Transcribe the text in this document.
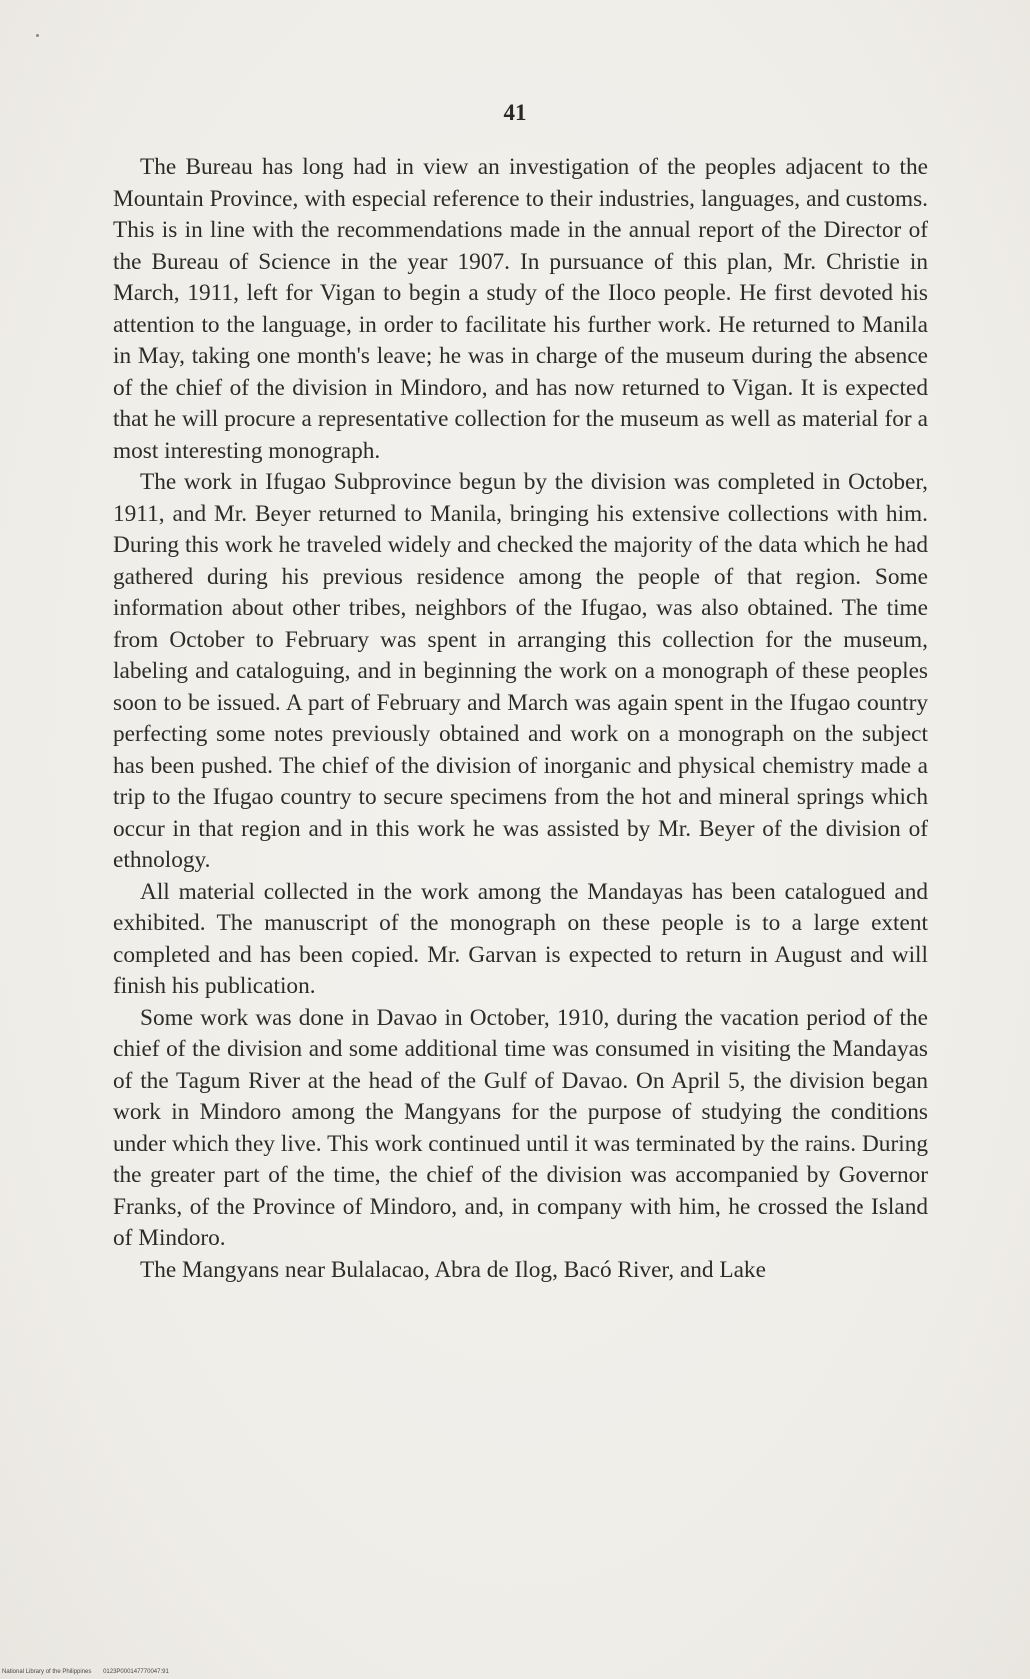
41

The Bureau has long had in view an investigation of the peoples adjacent to the Mountain Province, with especial reference to their industries, languages, and customs. This is in line with the recommendations made in the annual report of the Director of the Bureau of Science in the year 1907. In pursuance of this plan, Mr. Christie in March, 1911, left for Vigan to begin a study of the Iloco people. He first devoted his attention to the language, in order to facilitate his further work. He returned to Manila in May, taking one month's leave; he was in charge of the museum during the absence of the chief of the division in Mindoro, and has now returned to Vigan. It is expected that he will procure a representative collection for the museum as well as material for a most interesting monograph.

The work in Ifugao Subprovince begun by the division was completed in October, 1911, and Mr. Beyer returned to Manila, bringing his extensive collections with him. During this work he traveled widely and checked the majority of the data which he had gathered during his previous residence among the people of that region. Some information about other tribes, neighbors of the Ifugao, was also obtained. The time from October to February was spent in arranging this collection for the museum, labeling and cataloguing, and in beginning the work on a monograph of these peoples soon to be issued. A part of February and March was again spent in the Ifugao country perfecting some notes previously obtained and work on a monograph on the subject has been pushed. The chief of the division of inorganic and physical chemistry made a trip to the Ifugao country to secure specimens from the hot and mineral springs which occur in that region and in this work he was assisted by Mr. Beyer of the division of ethnology.

All material collected in the work among the Mandayas has been catalogued and exhibited. The manuscript of the monograph on these people is to a large extent completed and has been copied. Mr. Garvan is expected to return in August and will finish his publication.

Some work was done in Davao in October, 1910, during the vacation period of the chief of the division and some additional time was consumed in visiting the Mandayas of the Tagum River at the head of the Gulf of Davao. On April 5, the division began work in Mindoro among the Mangyans for the purpose of studying the conditions under which they live. This work continued until it was terminated by the rains. During the greater part of the time, the chief of the division was accompanied by Governor Franks, of the Province of Mindoro, and, in company with him, he crossed the Island of Mindoro.

The Mangyans near Bulalacao, Abra de Ilog, Bacó River, and Lake

National Library of the Philippines 0123P000147770047:91
